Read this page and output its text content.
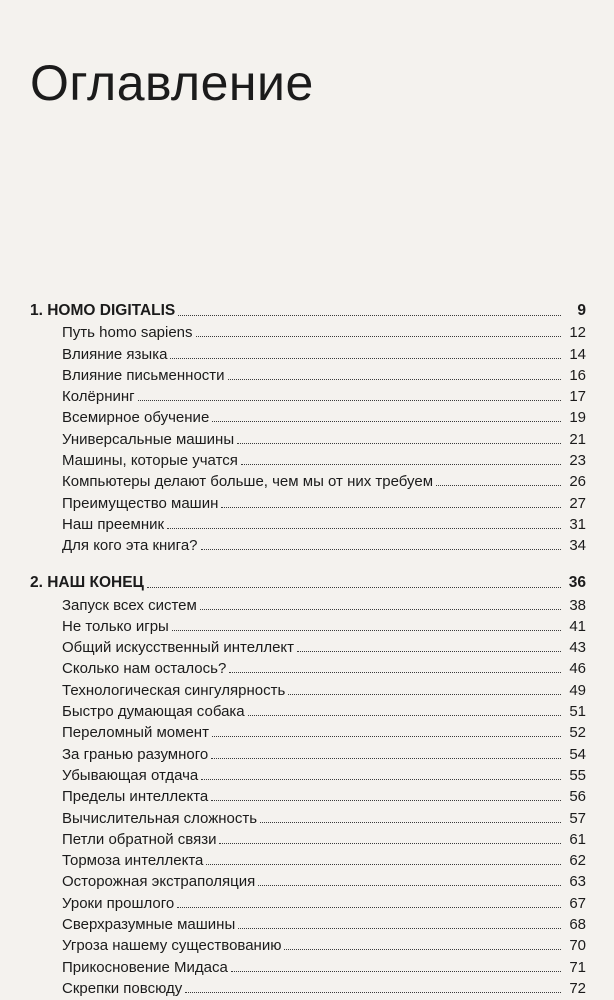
Оглавление
1. HOMO DIGITALIS	9
Путь homo sapiens	12
Влияние языка	14
Влияние письменности	16
Колёрнинг	17
Всемирное обучение	19
Универсальные машины	21
Машины, которые учатся	23
Компьютеры делают больше, чем мы от них требуем	26
Преимущество машин	27
Наш преемник	31
Для кого эта книга?	34
2. НАШ КОНЕЦ	36
Запуск всех систем	38
Не только игры	41
Общий искусственный интеллект	43
Сколько нам осталось?	46
Технологическая сингулярность	49
Быстро думающая собака	51
Переломный момент	52
За гранью разумного	54
Убывающая отдача	55
Пределы интеллекта	56
Вычислительная сложность	57
Петли обратной связи	61
Тормоза интеллекта	62
Осторожная экстраполяция	63
Уроки прошлого	67
Сверхразумные машины	68
Угроза нашему существованию	70
Прикосновение Мидаса	71
Скрепки повсюду	72
